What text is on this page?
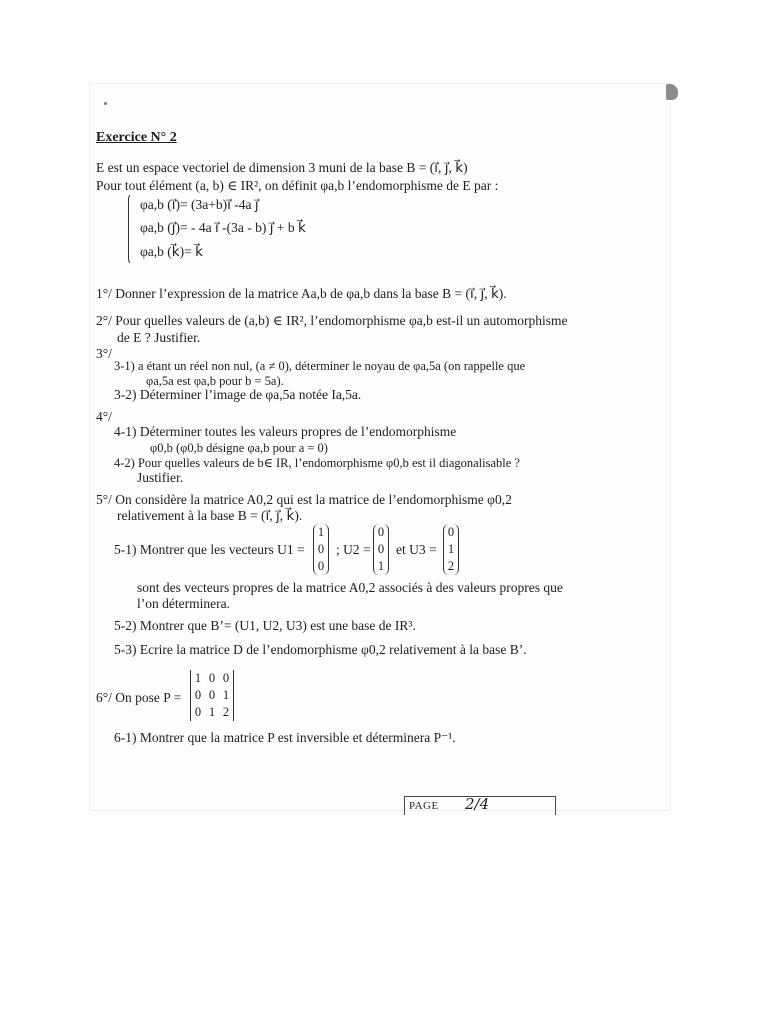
Exercice N° 2
E est un espace vectoriel de dimension 3 muni de la base B = (i⃗, j⃗, k⃗)
Pour tout élément (a, b) ∈ IR², on définit φa,b l’endomorphisme de E par :
φa,b (i⃗)= (3a+b)i⃗ -4a j⃗
φa,b (j⃗)= - 4a i⃗ -(3a - b) j⃗ + b k⃗
φa,b (k⃗)= k⃗
1°/ Donner l’expression de la matrice Aa,b de φa,b dans la base B = (i⃗, j⃗, k⃗).
2°/ Pour quelles valeurs de (a,b) ∈ IR², l’endomorphisme φa,b est-il un automorphisme
de E ? Justifier.
3°/
3-1) a étant un réel non nul, (a ≠ 0), déterminer le noyau de φa,5a (on rappelle que
φa,5a est φa,b pour b = 5a).
3-2) Déterminer l’image de φa,5a notée Ia,5a.
4°/
4-1) Déterminer toutes les valeurs propres de l’endomorphisme
φ0,b (φ0,b désigne φa,b pour a = 0)
4-2) Pour quelles valeurs de b∈ IR, l’endomorphisme φ0,b est il diagonalisable ?
Justifier.
5°/ On considère la matrice A0,2 qui est la matrice de l’endomorphisme φ0,2
relativement à la base B = (i⃗, j⃗, k⃗).
5-1) Montrer que les vecteurs U1 =
1
0
0
; U2 =
0
0
1
et U3 =
0
1
2
sont des vecteurs propres de la matrice A0,2 associés à des valeurs propres que
l’on déterminera.
5-2) Montrer que B’= (U1, U2, U3) est une base de IR³.
5-3) Ecrire la matrice D de l’endomorphisme φ0,2 relativement à la base B’.
6°/ On pose P =
1 0 0
0 0 1
0 1 2
6-1) Montrer que la matrice P est inversible et déterminera P⁻¹.
PAGE 2/4
